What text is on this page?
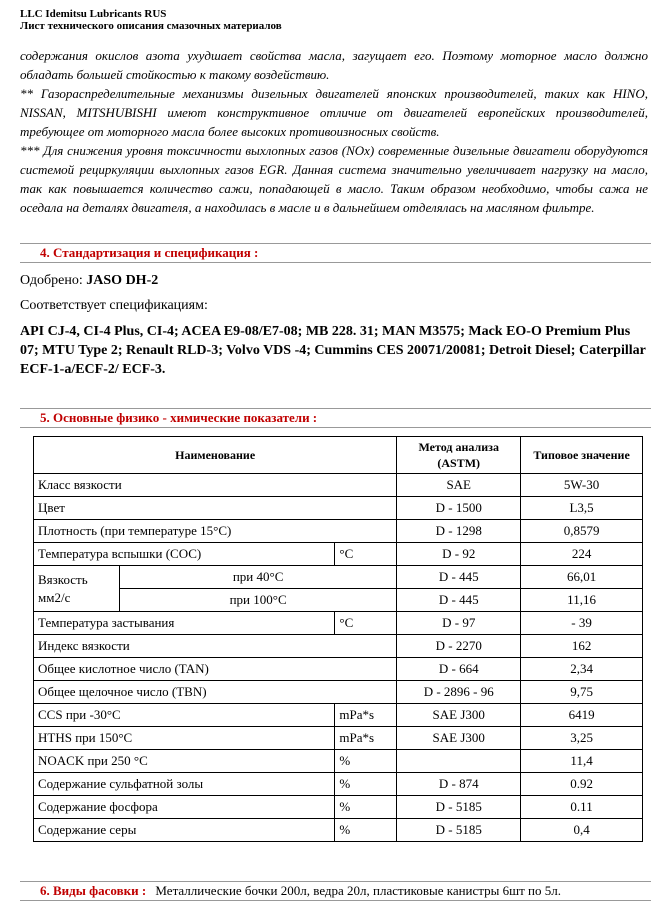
LLC Idemitsu Lubricants RUS
Лист технического описания смазочных материалов

содержания окислов азота ухудшает свойства масла, загущает его. Поэтому моторное масло должно обладать большей стойкостью к такому воздействию.

** Газораспределительные механизмы дизельных двигателей японских производителей, таких как HINO, NISSAN, MITSHUBISHI имеют конструктивное отличие от двигателей европейских производителей, требующее от моторного масла более высоких противоизносных свойств.

*** Для снижения уровня токсичности выхлопных газов (NOx) современные дизельные двигатели оборудуются системой рециркуляции выхлопных газов EGR. Данная система значительно увеличивает нагрузку на масло, так как повышается количество сажи, попадающей в масло. Таким образом необходимо, чтобы сажа не оседала на деталях двигателя, а находилась в масле и в дальнейшем отделялась на масляном фильтре.

4. Стандартизация и спецификация :
Одобрено: JASO DH-2
Соответствует спецификациям:
API CJ-4, CI-4 Plus, CI-4; ACEA E9-08/E7-08; MB 228. 31; MAN M3575; Mack EO-O Premium Plus 07; MTU Type 2; Renault RLD-3; Volvo VDS -4; Cummins CES 20071/20081; Detroit Diesel; Caterpillar ECF-1-a/ECF-2/ ECF-3.
5. Основные физико - химические показатели :
Наименование			Метод анализа (ASTM)	Типовое значение
Класс вязкости			SAE	5W-30
Цвет			D - 1500	L3,5
Плотность (при температуре 15°С)			D - 1298	0,8579
Температура вспышки (СОС)		°С	D - 92	224

Вязкость
мм2/с	при 40°С		D - 445	66,01
	при 100°С		D - 445	11,16
Температура застывания		°С	D - 97	- 39
Индекс вязкости			D - 2270	162
Общее кислотное число (TAN)			D - 664	2,34
Общее щелочное число (TBN)			D - 2896 - 96	9,75
CCS при -30°С		mPa*s	SAE J300	6419
HTHS при 150°С		mPa*s	SAE J300	3,25
NOACK при 250 °С		%		11,4
Содержание сульфатной золы		%	D - 874	0.92
Содержание фосфора		%	D - 5185	0.11
Содержание серы		%	D - 5185	0,4
6. Виды фасовки : Металлические бочки 200л, ведра 20л, пластиковые канистры 6шт по 5л.
